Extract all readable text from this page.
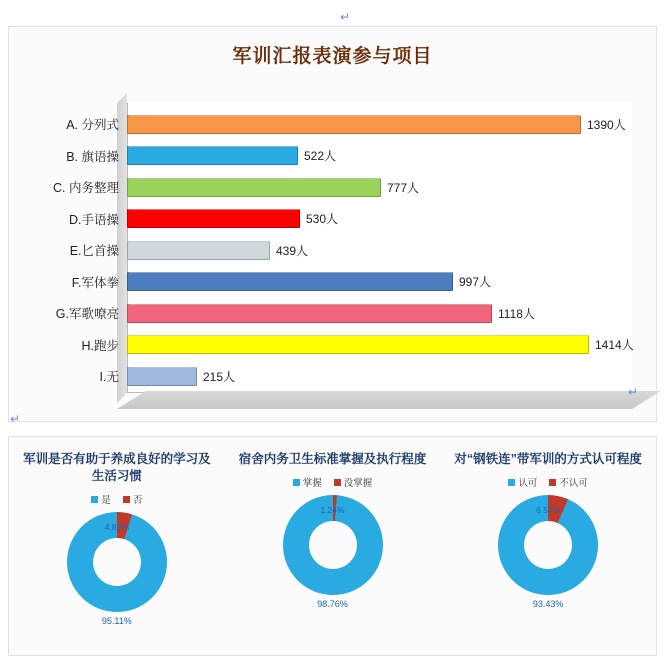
↵
军训汇报表演参与项目
A. 分列式	1390人
B. 旗语操	522人
C. 内务整理	777人
D.手语操	530人
E.匕首操	439人
F.军体拳	997人
G.军歌嘹亮	1118人
H.跑步	1414人
I.无	215人
↵
↵
军训是否有助于养成良好的学习及生活习惯
是 否
4.89%
95.11%
宿舍内务卫生标准掌握及执行程度
掌握 没掌握
1.24%
98.76%
对“钢铁连”带军训的方式认可程度
认可 不认可
6.57%
93.43%
